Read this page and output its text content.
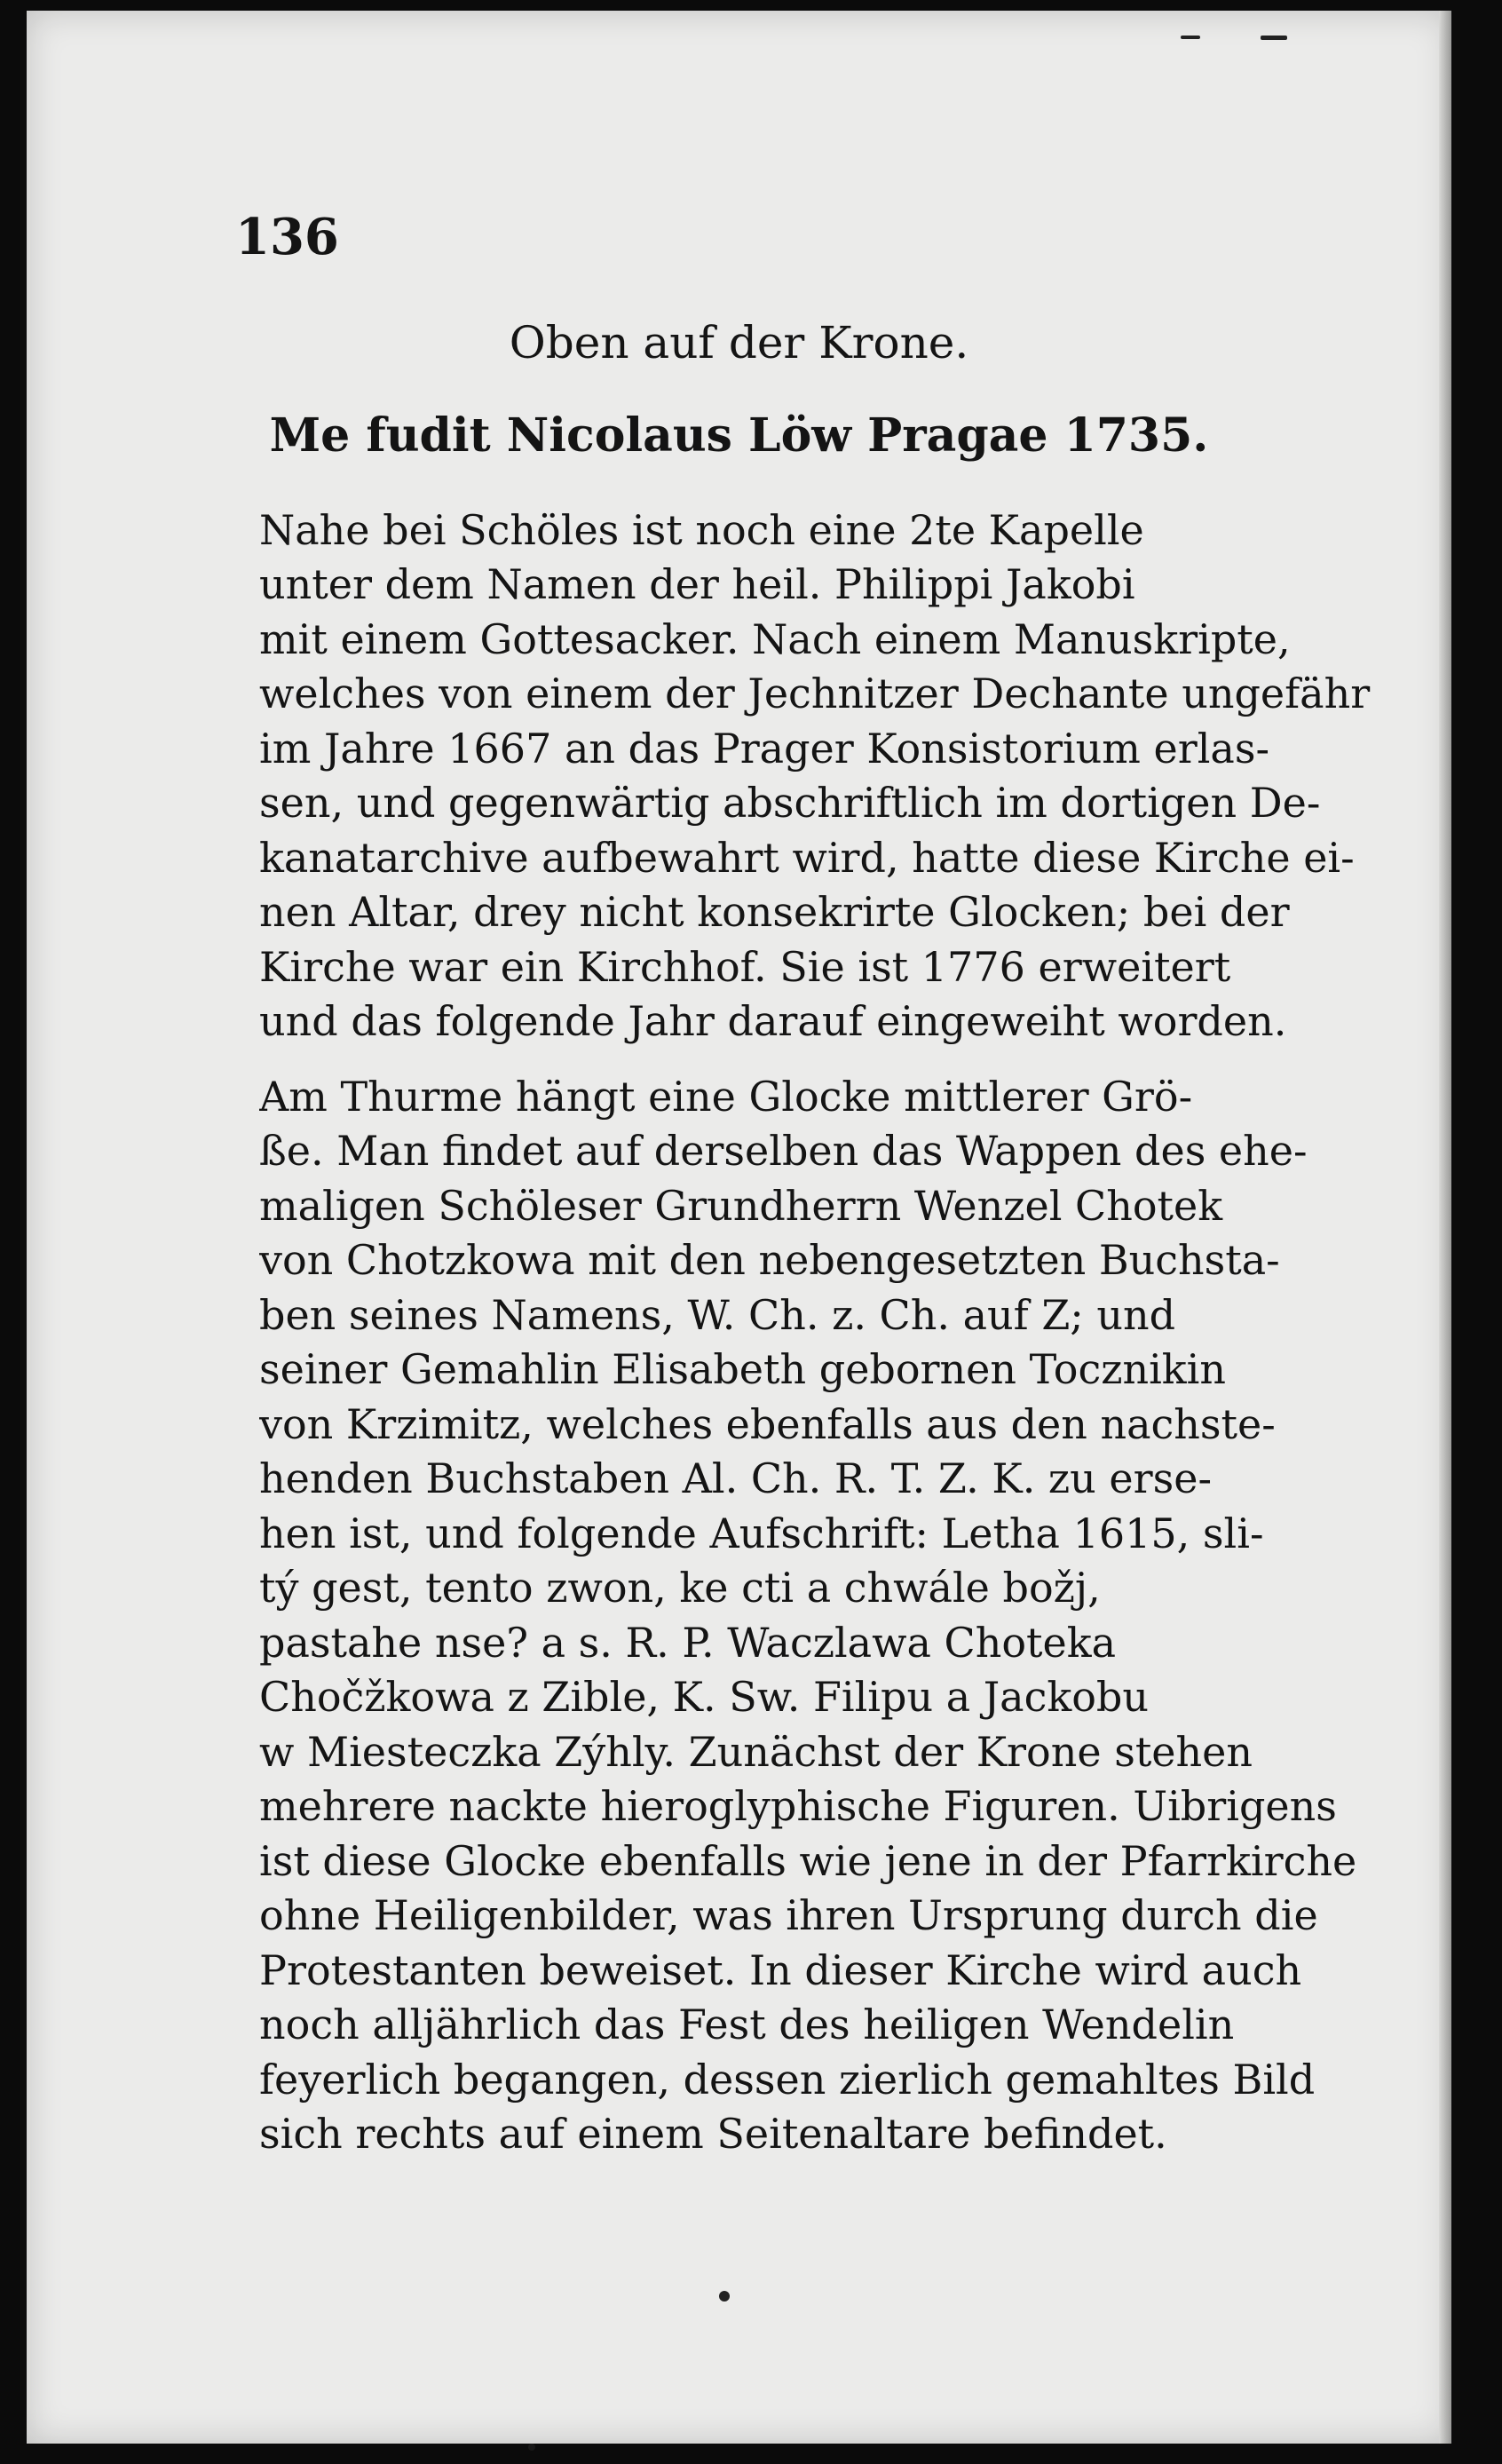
136
Oben auf der Krone.
Me fudit Nicolaus Löw Pragae 1735.
Nahe bei Schöles ist noch eine 2te Kapelle
unter dem Namen der heil. Philippi Jakobi
mit einem Gottesacker. Nach einem Manuskripte,
welches von einem der Jechnitzer Dechante ungefähr
im Jahre 1667 an das Prager Konsistorium erlas-
sen, und gegenwärtig abschriftlich im dortigen De-
kanatarchive aufbewahrt wird, hatte diese Kirche ei-
nen Altar, drey nicht konsekrirte Glocken; bei der
Kirche war ein Kirchhof. Sie ist 1776 erweitert
und das folgende Jahr darauf eingeweiht worden.
Am Thurme hängt eine Glocke mittlerer Grö-
ße. Man findet auf derselben das Wappen des ehe-
maligen Schöleser Grundherrn Wenzel Chotek
von Chotzkowa mit den nebengesetzten Buchsta-
ben seines Namens, W. Ch. z. Ch. auf Z; und
seiner Gemahlin Elisabeth gebornen Tocznikin
von Krzimitz, welches ebenfalls aus den nachste-
henden Buchstaben Al. Ch. R. T. Z. K. zu erse-
hen ist, und folgende Aufschrift: Letha 1615, sli-
tý gest, tento zwon, ke cti a chwále božj,
pastahe nse? a s. R. P. Waczlawa Choteka
Chočžkowa z Zible, K. Sw. Filipu a Jackobu
w Miesteczka Zýhly. Zunächst der Krone stehen
mehrere nackte hieroglyphische Figuren. Uibrigens
ist diese Glocke ebenfalls wie jene in der Pfarrkirche
ohne Heiligenbilder, was ihren Ursprung durch die
Protestanten beweiset. In dieser Kirche wird auch
noch alljährlich das Fest des heiligen Wendelin
feyerlich begangen, dessen zierlich gemahltes Bild
sich rechts auf einem Seitenaltare befindet.
